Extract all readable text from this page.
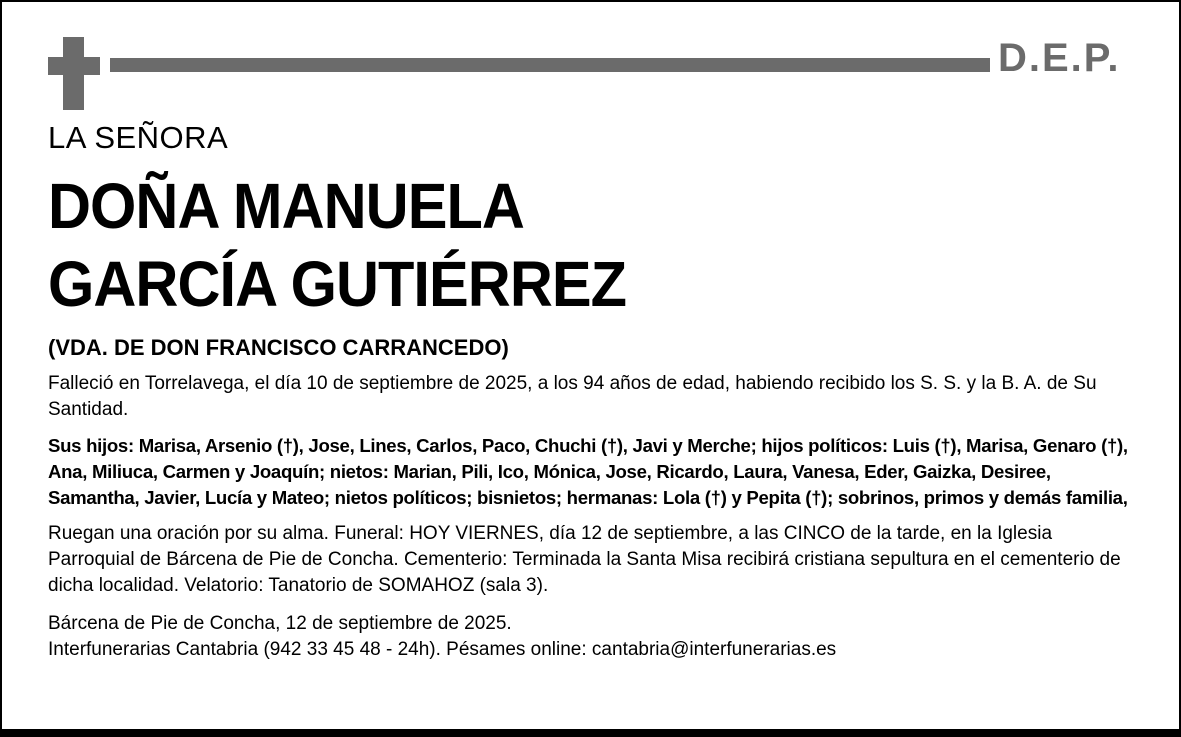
D.E.P.
LA SEÑORA
DOÑA MANUELA
GARCÍA GUTIÉRREZ
(VDA. DE DON FRANCISCO CARRANCEDO)

Falleció en Torrelavega, el día 10 de septiembre de 2025, a los 94 años de edad, habiendo recibido los S. S. y la B. A. de Su Santidad.

Sus hijos: Marisa, Arsenio (†), Jose, Lines, Carlos, Paco, Chuchi (†), Javi y Merche; hijos políticos: Luis (†), Marisa, Genaro (†), Ana, Miliuca, Carmen y Joaquín; nietos: Marian, Pili, Ico, Mónica, Jose, Ricardo, Laura, Vanesa, Eder, Gaizka, Desiree, Samantha, Javier, Lucía y Mateo; nietos políticos; bisnietos; hermanas: Lola (†) y Pepita (†); sobrinos, primos y demás familia,

Ruegan una oración por su alma. Funeral: HOY VIERNES, día 12 de septiembre, a las CINCO de la tarde, en la Iglesia Parroquial de Bárcena de Pie de Concha. Cementerio: Terminada la Santa Misa recibirá cristiana sepultura en el cementerio de dicha localidad. Velatorio: Tanatorio de SOMAHOZ (sala 3).

Bárcena de Pie de Concha, 12 de septiembre de 2025.

Interfunerarias Cantabria (942 33 45 48 - 24h). Pésames online: cantabria@interfunerarias.es
